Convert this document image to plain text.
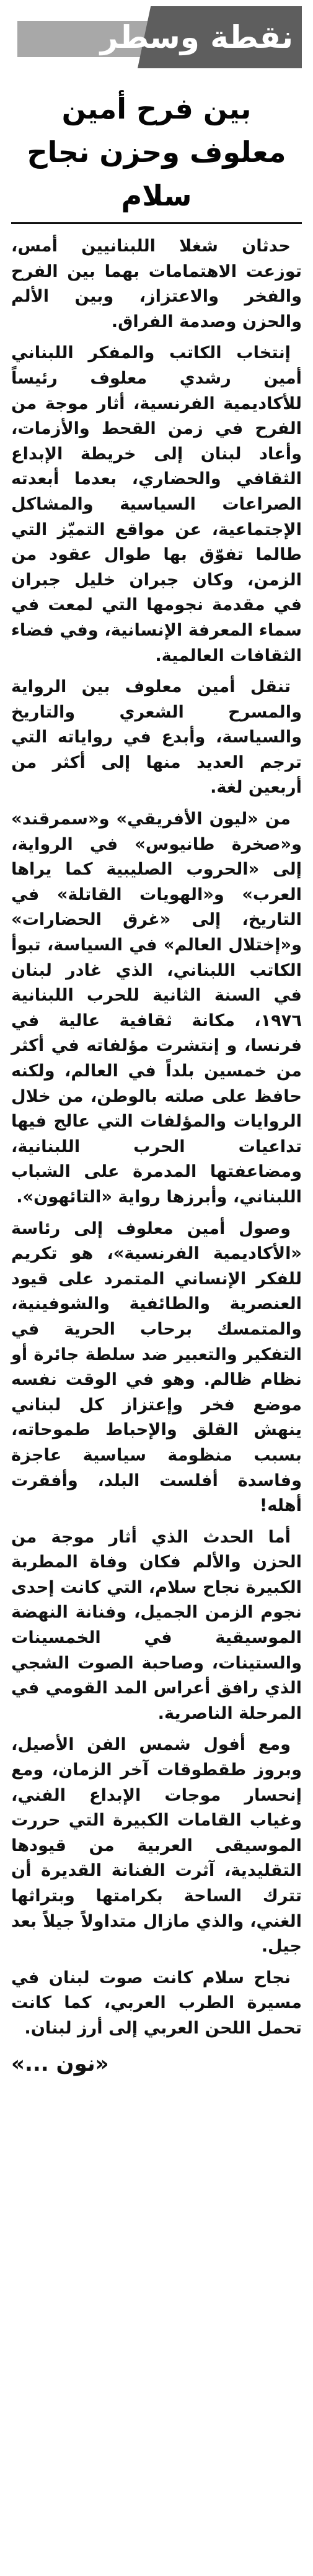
نقطة وسطر
بين فرح أمين معلوف وحزن نجاح سلام

حدثان شغلا اللبنانيين أمس، توزعت الاهتمامات بهما بين الفرح والفخر والاعتزاز، وبين الألم والحزن وصدمة الفراق.

إنتخاب الكاتب والمفكر اللبناني أمين رشدي معلوف رئيساً للأكاديمية الفرنسية، أثار موجة من الفرح في زمن القحط والأزمات، وأعاد لبنان إلى خريطة الإبداع الثقافي والحضاري، بعدما أبعدته الصراعات السياسية والمشاكل الإجتماعية، عن مواقع التميّز التي طالما تفوّق بها طوال عقود من الزمن، وكان جبران خليل جبران في مقدمة نجومها التي لمعت في سماء المعرفة الإنسانية، وفي فضاء الثقافات العالمية.

تنقل أمين معلوف بين الرواية والمسرح الشعري والتاريخ والسياسة، وأبدع في رواياته التي ترجم العديد منها إلى أكثر من أربعين لغة.

من «ليون الأفريقي» و«سمرقند» و«صخرة طانيوس» في الرواية، إلى «الحروب الصليبية كما يراها العرب» و«الهويات القاتلة» في التاريخ، إلى «غرق الحضارات» و«إختلال العالم» في السياسة، تبوأ الكاتب اللبناني، الذي غادر لبنان في السنة الثانية للحرب اللبنانية ١٩٧٦، مكانة ثقافية عالية في فرنسا، و إنتشرت مؤلفاته في أكثر من خمسين بلداً في العالم، ولكنه حافظ على صلته بالوطن، من خلال الروايات والمؤلفات التي عالج فيها تداعيات الحرب اللبنانية، ومضاعفتها المدمرة على الشباب اللبناني، وأبرزها رواية «التائهون».

وصول أمين معلوف إلى رئاسة «الأكاديمية الفرنسية»، هو تكريم للفكر الإنساني المتمرد على قيود العنصرية والطائفية والشوفينية، والمتمسك برحاب الحرية في التفكير والتعبير ضد سلطة جائرة أو نظام ظالم. وهو في الوقت نفسه موضع فخر وإعتزاز كل لبناني ينهش القلق والإحباط طموحاته، بسبب منظومة سياسية عاجزة وفاسدة أفلست البلد، وأفقرت أهله!

أما الحدث الذي أثار موجة من الحزن والألم فكان وفاة المطربة الكبيرة نجاح سلام، التي كانت إحدى نجوم الزمن الجميل، وفنانة النهضة الموسيقية في الخمسينات والستينات، وصاحبة الصوت الشجي الذي رافق أعراس المد القومي في المرحلة الناصرية.

ومع أفول شمس الفن الأصيل، وبروز طقطوقات آخر الزمان، ومع إنحسار موجات الإبداع الفني، وغياب القامات الكبيرة التي حررت الموسيقى العربية من قيودها التقليدية، آثرت الفنانة القديرة أن تترك الساحة بكرامتها وبتراثها الغني، والذي مازال متداولاً جيلاً بعد جيل.

نجاح سلام كانت صوت لبنان في مسيرة الطرب العربي، كما كانت تحمل اللحن العربي إلى أرز لبنان.

«نون ...»
